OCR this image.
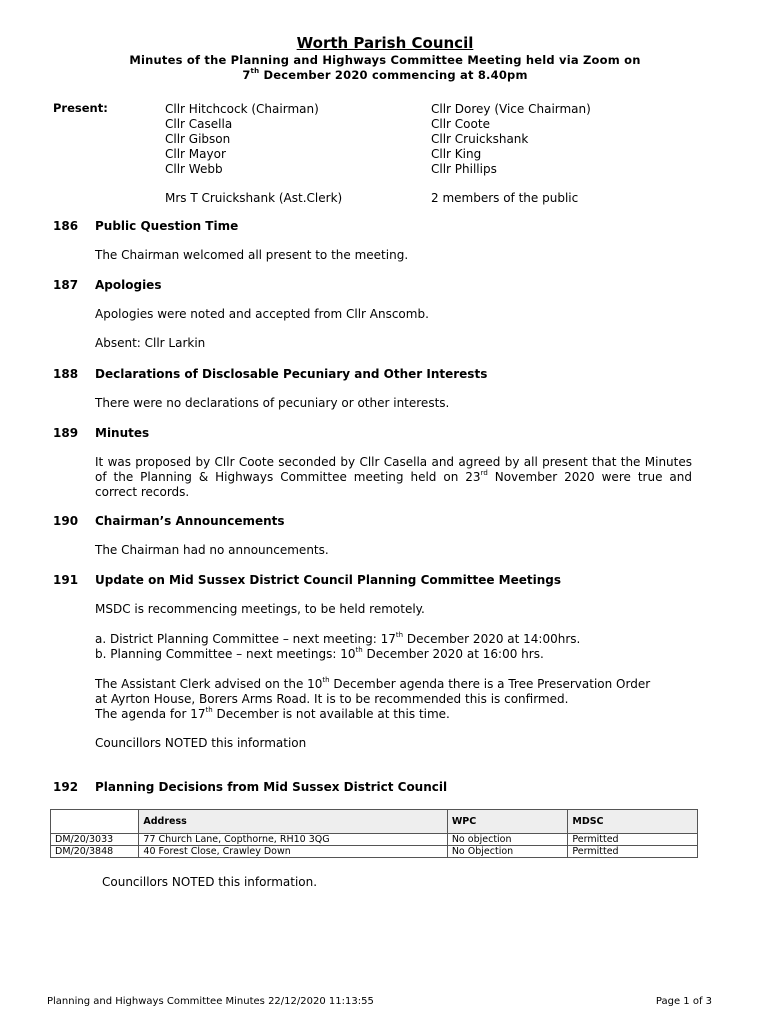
Worth Parish Council
Minutes of the Planning and Highways Committee Meeting held via Zoom on
7th December 2020 commencing at 8.40pm
Present:	Cllr Hitchcock (Chairman)
Cllr Casella
Cllr Gibson
Cllr Mayor
Cllr Webb
Mrs T Cruickshank (Ast.Clerk)
Cllr Dorey (Vice Chairman)
Cllr Coote
Cllr Cruickshank
Cllr King
Cllr Phillips
2 members of the public
186 Public Question Time
The Chairman welcomed all present to the meeting.
187 Apologies
Apologies were noted and accepted from Cllr Anscomb.
Absent: Cllr Larkin
188 Declarations of Disclosable Pecuniary and Other Interests
There were no declarations of pecuniary or other interests.
189 Minutes
It was proposed by Cllr Coote seconded by Cllr Casella and agreed by all present that the Minutes of the Planning & Highways Committee meeting held on 23rd November 2020 were true and correct records.
190 Chairman’s Announcements
The Chairman had no announcements.
191 Update on Mid Sussex District Council Planning Committee Meetings
MSDC is recommencing meetings, to be held remotely.
a. District Planning Committee – next meeting: 17th December 2020 at 14:00hrs.
b. Planning Committee – next meetings: 10th December 2020 at 16:00 hrs.
The Assistant Clerk advised on the 10th December agenda there is a Tree Preservation Order
at Ayrton House, Borers Arms Road. It is to be recommended this is confirmed.
The agenda for 17th December is not available at this time.
Councillors NOTED this information
192 Planning Decisions from Mid Sussex District Council
	Address	WPC	MDSC
DM/20/3033	77 Church Lane, Copthorne, RH10 3QG	No objection	Permitted
DM/20/3848	40 Forest Close, Crawley Down	No Objection	Permitted
Councillors NOTED this information.
Planning and Highways Committee Minutes 22/12/2020 11:13:55	Page 1 of 3
